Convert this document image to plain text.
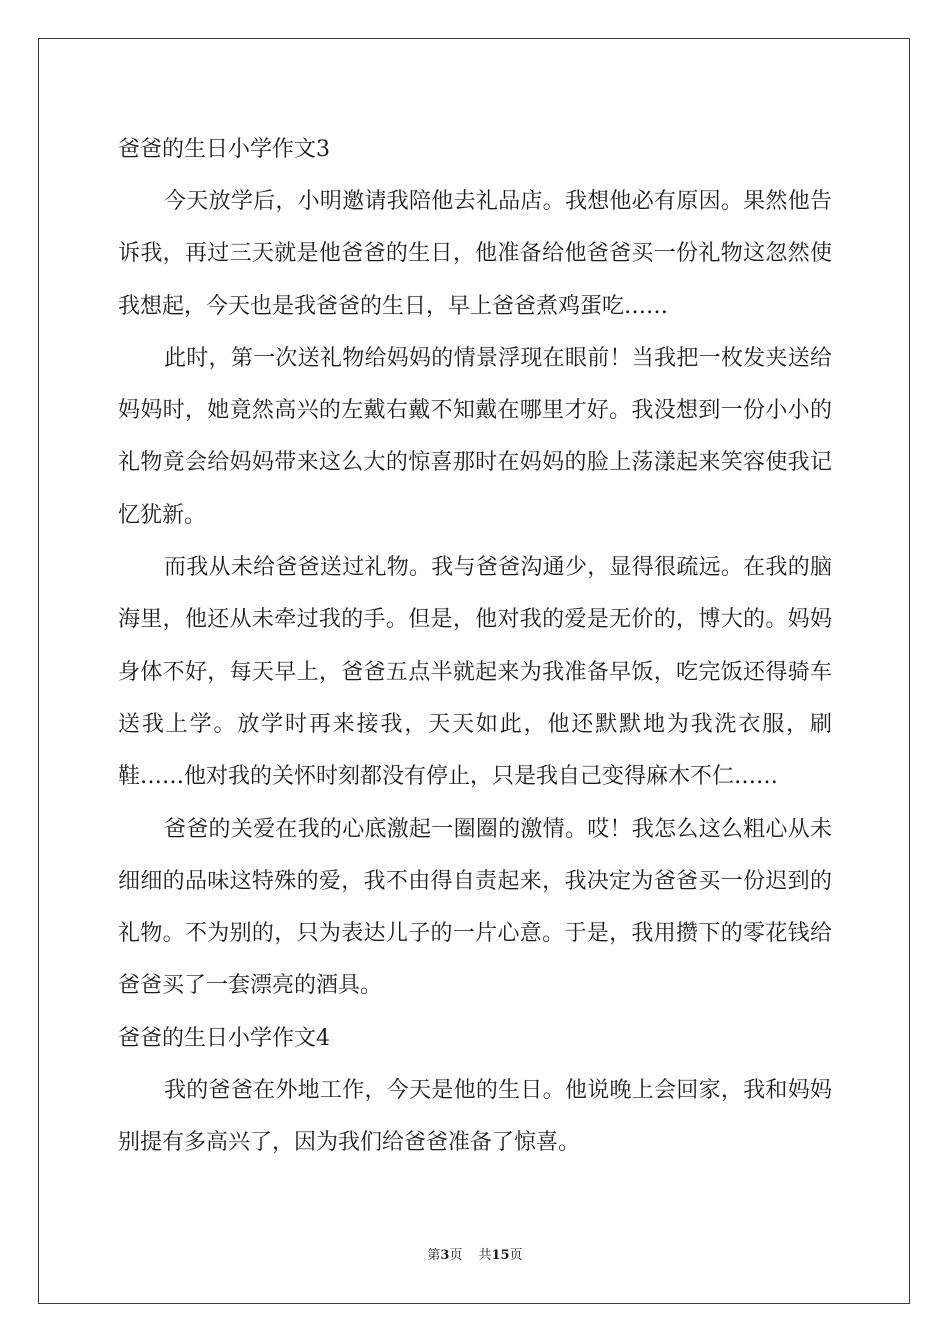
爸爸的生日小学作文3

今天放学后，小明邀请我陪他去礼品店。我想他必有原因。果然他告诉我，再过三天就是他爸爸的生日，他准备给他爸爸买一份礼物这忽然使我想起，今天也是我爸爸的生日，早上爸爸煮鸡蛋吃……

此时，第一次送礼物给妈妈的情景浮现在眼前！当我把一枚发夹送给妈妈时，她竟然高兴的左戴右戴不知戴在哪里才好。我没想到一份小小的礼物竟会给妈妈带来这么大的惊喜那时在妈妈的脸上荡漾起来笑容使我记忆犹新。

而我从未给爸爸送过礼物。我与爸爸沟通少，显得很疏远。在我的脑海里，他还从未牵过我的手。但是，他对我的爱是无价的，博大的。妈妈身体不好，每天早上，爸爸五点半就起来为我准备早饭，吃完饭还得骑车送我上学。放学时再来接我，天天如此，他还默默地为我洗衣服，刷鞋……他对我的关怀时刻都没有停止，只是我自己变得麻木不仁……

爸爸的关爱在我的心底激起一圈圈的激情。哎！我怎么这么粗心从未细细的品味这特殊的爱，我不由得自责起来，我决定为爸爸买一份迟到的礼物。不为别的，只为表达儿子的一片心意。于是，我用攒下的零花钱给爸爸买了一套漂亮的酒具。

爸爸的生日小学作文4

我的爸爸在外地工作，今天是他的生日。他说晚上会回家，我和妈妈别提有多高兴了，因为我们给爸爸准备了惊喜。

第3页 共15页
